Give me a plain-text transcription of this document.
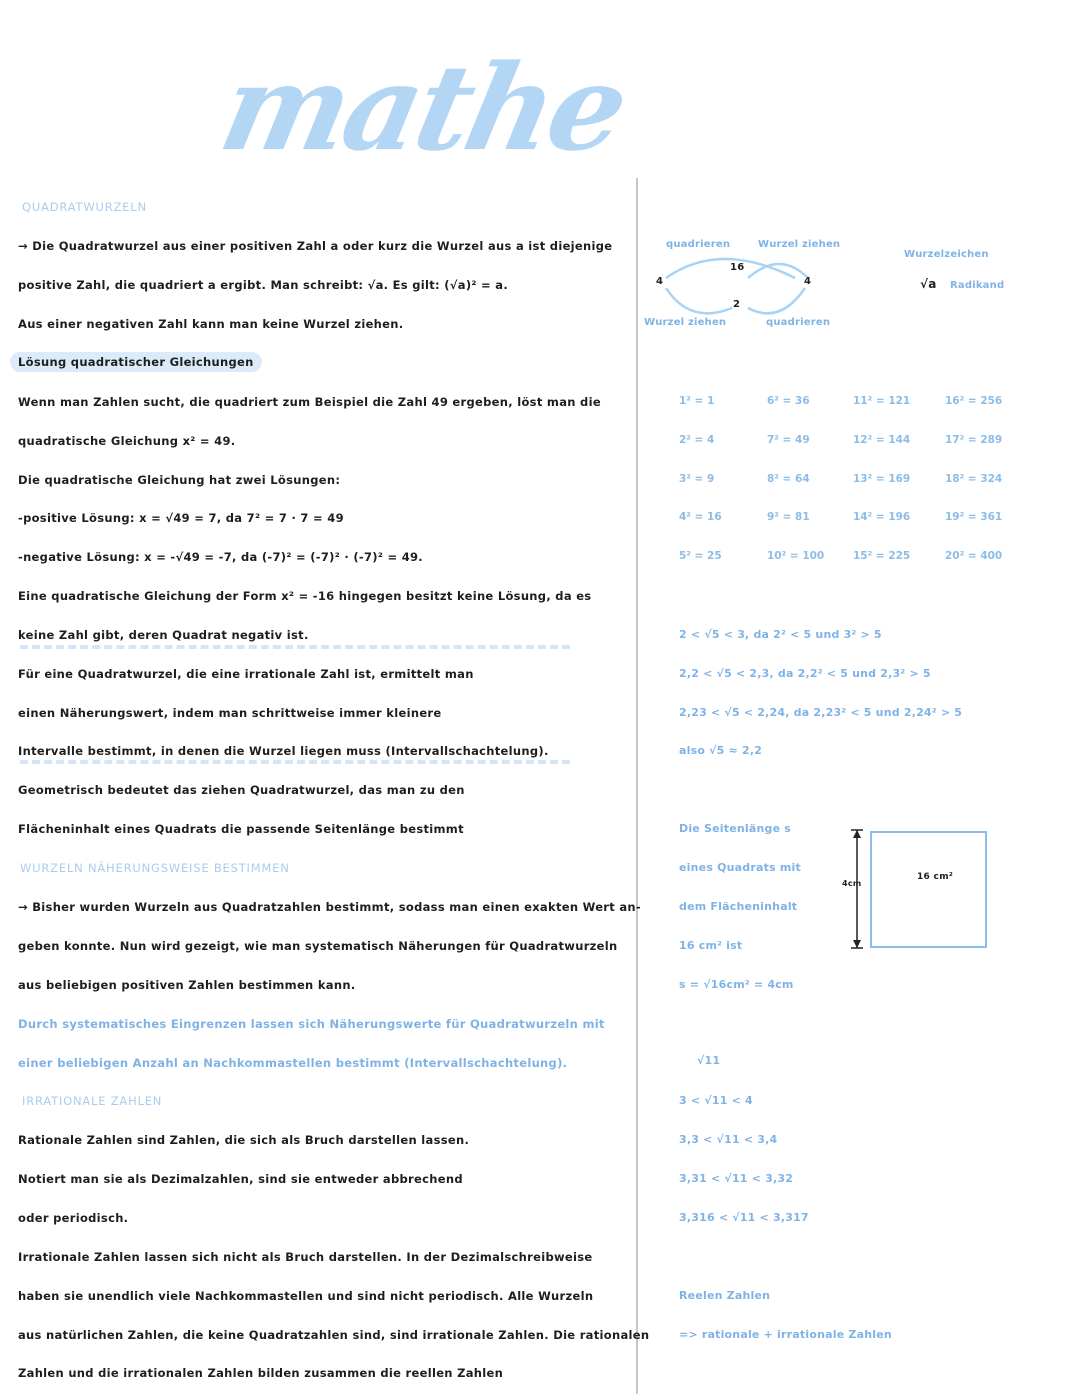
mathe
QUADRATWURZELN
→ Die Quadratwurzel aus einer positiven Zahl a oder kurz die Wurzel aus a ist diejenige
positive Zahl, die quadriert a ergibt. Man schreibt: √a. Es gilt: (√a)² = a.
Aus einer negativen Zahl kann man keine Wurzel ziehen.
Lösung quadratischer Gleichungen
Wenn man Zahlen sucht, die quadriert zum Beispiel die Zahl 49 ergeben, löst man die
quadratische Gleichung x² = 49.
Die quadratische Gleichung hat zwei Lösungen:
-positive Lösung: x = √49 = 7, da 7² = 7 · 7 = 49
-negative Lösung: x = -√49 = -7, da (-7)² = (-7)² · (-7)² = 49.
Eine quadratische Gleichung der Form x² = -16 hingegen besitzt keine Lösung, da es
keine Zahl gibt, deren Quadrat negativ ist.
Für eine Quadratwurzel, die eine irrationale Zahl ist, ermittelt man
einen Näherungswert, indem man schrittweise immer kleinere
Intervalle bestimmt, in denen die Wurzel liegen muss (Intervallschachtelung).
Geometrisch bedeutet das ziehen Quadratwurzel, das man zu den
Flächeninhalt eines Quadrats die passende Seitenlänge bestimmt
WURZELN NÄHERUNGSWEISE BESTIMMEN
→ Bisher wurden Wurzeln aus Quadratzahlen bestimmt, sodass man einen exakten Wert an-
geben konnte. Nun wird gezeigt, wie man systematisch Näherungen für Quadratwurzeln
aus beliebigen positiven Zahlen bestimmen kann.
Durch systematisches Eingrenzen lassen sich Näherungswerte für Quadratwurzeln mit
einer beliebigen Anzahl an Nachkommastellen bestimmt (Intervallschachtelung).
IRRATIONALE ZAHLEN
Rationale Zahlen sind Zahlen, die sich als Bruch darstellen lassen.
Notiert man sie als Dezimalzahlen, sind sie entweder abbrechend
oder periodisch.
Irrationale Zahlen lassen sich nicht als Bruch darstellen. In der Dezimalschreibweise
haben sie unendlich viele Nachkommastellen und sind nicht periodisch. Alle Wurzeln
aus natürlichen Zahlen, die keine Quadratzahlen sind, sind irrationale Zahlen. Die rationalen
Zahlen und die irrationalen Zahlen bilden zusammen die reellen Zahlen
quadrieren	Wurzel ziehen
Wurzel ziehen	quadrieren
4
16
4
2
Wurzelzeichen
√a Radikand
1² = 1	6² = 36	11² = 121	16² = 256
2² = 4	7² = 49	12² = 144	17² = 289
3² = 9	8² = 64	13² = 169	18² = 324
4² = 16	9² = 81	14² = 196	19² = 361
5² = 25	10² = 100	15² = 225	20² = 400
2 < √5 < 3, da 2² < 5 und 3² > 5
2,2 < √5 < 2,3, da 2,2² < 5 und 2,3² > 5
2,23 < √5 < 2,24, da 2,23² < 5 und 2,24² > 5
also √5 ≈ 2,2
Die Seitenlänge s
eines Quadrats mit
dem Flächeninhalt
16 cm² ist
s = √16cm² = 4cm
4cm
16 cm²
√11
3 < √11 < 4
3,3 < √11 < 3,4
3,31 < √11 < 3,32
3,316 < √11 < 3,317
Reelen Zahlen
=> rationale + irrationale Zahlen
